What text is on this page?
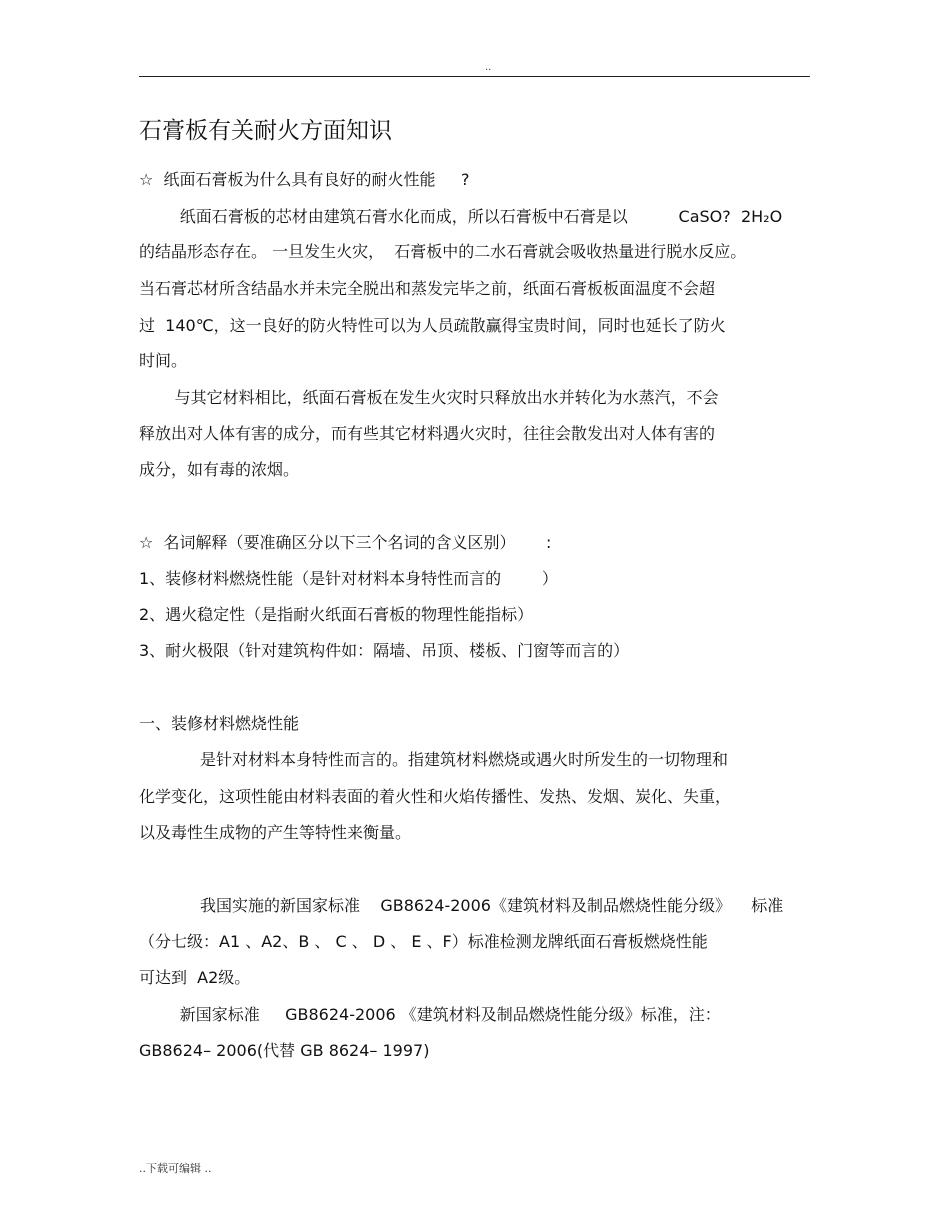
..
石膏板有关耐火方面知识
☆  纸面石膏板为什么具有良好的耐火性能     ?
纸面石膏板的芯材由建筑石膏水化而成，所以石膏板中石膏是以          CaSO?  2H₂O
的结晶形态存在。 一旦发生火灾，  石膏板中的二水石膏就会吸收热量进行脱水反应。
当石膏芯材所含结晶水并未完全脱出和蒸发完毕之前，纸面石膏板板面温度不会超
过  140℃，这一良好的防火特性可以为人员疏散赢得宝贵时间，同时也延长了防火
时间。
与其它材料相比，纸面石膏板在发生火灾时只释放出水并转化为水蒸汽，不会
释放出对人体有害的成分，而有些其它材料遇火灾时，往往会散发出对人体有害的
成分，如有毒的浓烟。
☆  名词解释（要准确区分以下三个名词的含义区别）      :
1、装修材料燃烧性能（是针对材料本身特性而言的        ）
2、遇火稳定性（是指耐火纸面石膏板的物理性能指标）
3、耐火极限（针对建筑构件如：隔墙、吊顶、楼板、门窗等而言的）
一、装修材料燃烧性能
是针对材料本身特性而言的。指建筑材料燃烧或遇火时所发生的一切物理和
化学变化，这项性能由材料表面的着火性和火焰传播性、发热、发烟、炭化、失重，
以及毒性生成物的产生等特性来衡量。
我国实施的新国家标准    GB8624-2006《建筑材料及制品燃烧性能分级》    标准
（分七级：A1 、A2、B 、 C 、 D 、 E 、F）标准检测龙牌纸面石膏板燃烧性能
可达到  A2级。
新国家标准     GB8624-2006 《建筑材料及制品燃烧性能分级》标准，注：
GB8624– 2006(代替 GB 8624– 1997)
..下载可编辑 ..
